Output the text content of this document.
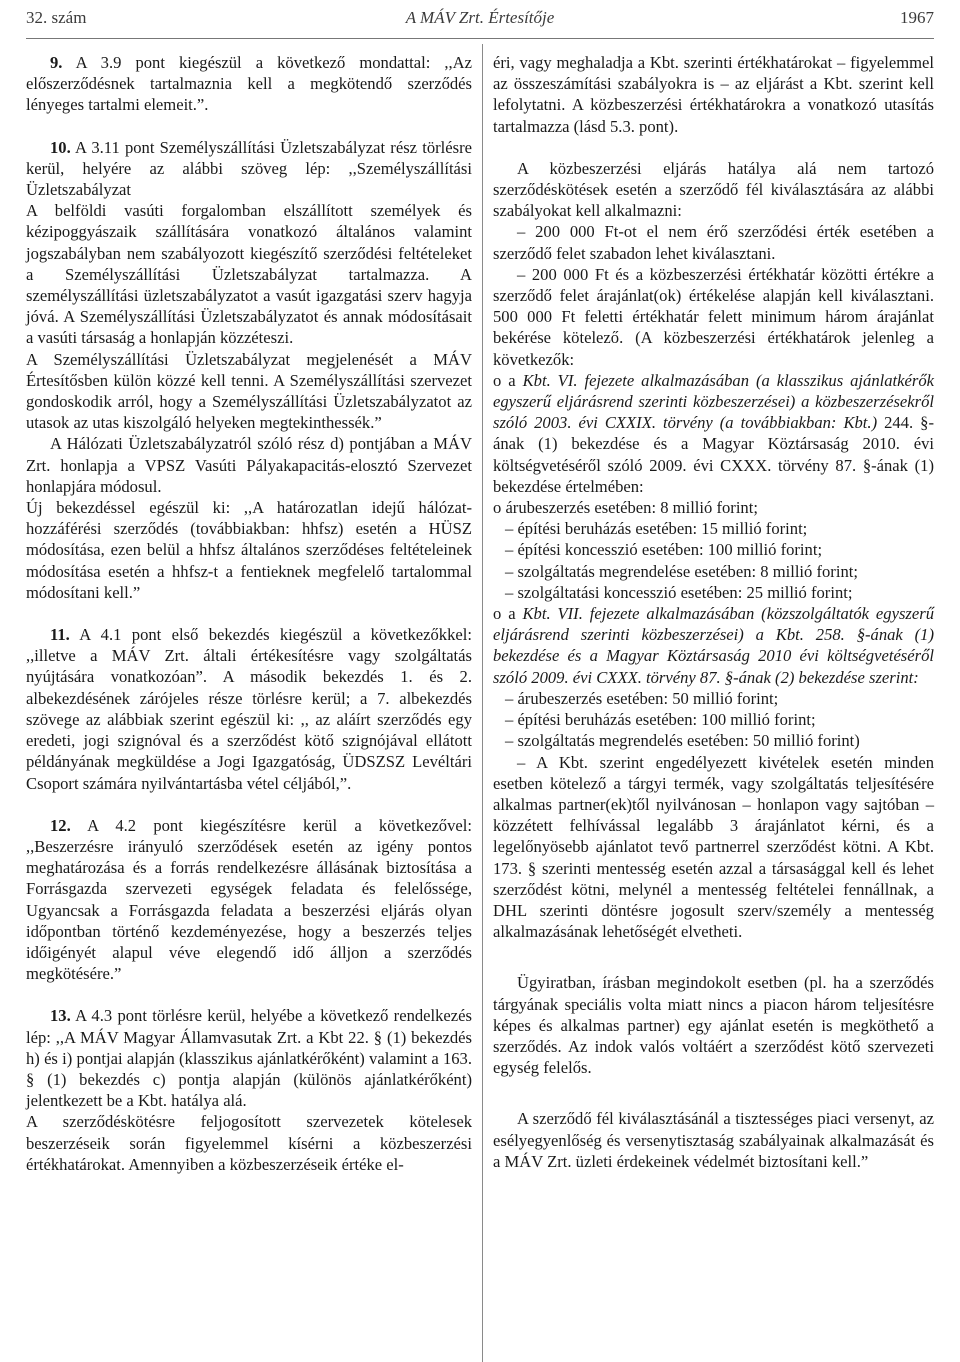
32. szám	A MÁV Zrt. Értesítője	1967

9. A 3.9 pont kiegészül a következő mondattal: ,,Az előszerződésnek tartalmaznia kell a megkötendő szerződés lényeges tartalmi elemeit.”.

10. A 3.11 pont Személyszállítási Üzletszabályzat rész törlésre kerül, helyére az alábbi szöveg lép: ,,Személyszállítási Üzletszabályzat

A belföldi vasúti forgalomban elszállított személyek és kézipoggyászaik szállítására vonatkozó általános valamint jogszabályban nem szabályozott kiegészítő szerződési feltételeket a Személyszállítási Üzletszabályzat tartalmazza. A személyszállítási üzletszabályzatot a vasút igazgatási szerv hagyja jóvá. A Személyszállítási Üzletszabályzatot és annak módosításait a vasúti társaság a honlapján közzéteszi.

A Személyszállítási Üzletszabályzat megjelenését a MÁV Értesítősben külön közzé kell tenni. A Személyszállítási szervezet gondoskodik arról, hogy a Személyszállítási Üzletszabályzatot az utasok az utas kiszolgáló helyeken megtekinthessék.”

A Hálózati Üzletszabályzatról szóló rész d) pontjában a MÁV Zrt. honlapja a VPSZ Vasúti Pályakapacitás-elosztó Szervezet honlapjára módosul.

Új bekezdéssel egészül ki: ,,A határozatlan idejű hálózat-hozzáférési szerződés (továbbiakban: hhfsz) esetén a HÜSZ módosítása, ezen belül a hhfsz általános szerződéses feltételeinek módosítása esetén a hhfsz-t a fentieknek megfelelő tartalommal módosítani kell.”

11. A 4.1 pont első bekezdés kiegészül a következőkkel: ,,illetve a MÁV Zrt. általi értékesítésre vagy szolgáltatás nyújtására vonatkozóan”. A második bekezdés 1. és 2. albekezdésének zárójeles része törlésre kerül; a 7. albekezdés szövege az alábbiak szerint egészül ki: ,, az aláírt szerződés egy eredeti, jogi szignóval és a szerződést kötő szignójával ellátott példányának megküldése a Jogi Igazgatóság, ÜDSZSZ Levéltári Csoport számára nyilvántartásba vétel céljából,”.

12. A 4.2 pont kiegészítésre kerül a következővel: ,,Beszerzésre irányuló szerződések esetén az igény pontos meghatározása és a forrás rendelkezésre állásának biztosítása a Forrásgazda szervezeti egységek feladata és felelőssége, Ugyancsak a Forrásgazda feladata a beszerzési eljárás olyan időpontban történő kezdeményezése, hogy a beszerzés teljes időigényét alapul véve elegendő idő álljon a szerződés megkötésére.”

13. A 4.3 pont törlésre kerül, helyébe a következő rendelkezés lép: ,,A MÁV Magyar Államvasutak Zrt. a Kbt 22. § (1) bekezdés h) és i) pontjai alapján (klasszikus ajánlatkérőként) valamint a 163. § (1) bekezdés c) pontja alapján (különös ajánlatkérőként) jelentkezett be a Kbt. hatálya alá.

A szerződéskötésre feljogosított szervezetek kötelesek beszerzéseik során figyelemmel kísérni a közbeszerzési értékhatárokat. Amennyiben a közbeszerzéseik értéke el-

éri, vagy meghaladja a Kbt. szerinti értékhatárokat – figyelemmel az összeszámítási szabályokra is – az eljárást a Kbt. szerint kell lefolytatni. A közbeszerzési értékhatárokra a vonatkozó utasítás tartalmazza (lásd 5.3. pont).

A közbeszerzési eljárás hatálya alá nem tartozó szerződéskötések esetén a szerződő fél kiválasztására az alábbi szabályokat kell alkalmazni:

– 200 000 Ft-ot el nem érő szerződési érték esetében a szerződő felet szabadon lehet kiválasztani.

– 200 000 Ft és a közbeszerzési értékhatár közötti értékre a szerződő felet árajánlat(ok) értékelése alapján kell kiválasztani. 500 000 Ft feletti értékhatár felett minimum három árajánlat bekérése kötelező. (A közbeszerzési értékhatárok jelenleg a következők:

o a Kbt. VI. fejezete alkalmazásában (a klasszikus ajánlatkérők egyszerű eljárásrend szerinti közbeszerzései) a közbeszerzésekről szóló 2003. évi CXXIX. törvény (a továbbiakban: Kbt.) 244. §-ának (1) bekezdése és a Magyar Köztársaság 2010. évi költségvetéséről szóló 2009. évi CXXX. törvény 87. §-ának (1) bekezdése értelmében:

o árubeszerzés esetében: 8 millió forint;

– építési beruházás esetében: 15 millió forint;

– építési koncesszió esetében: 100 millió forint;

– szolgáltatás megrendelése esetében: 8 millió forint;

– szolgáltatási koncesszió esetében: 25 millió forint;

o a Kbt. VII. fejezete alkalmazásában (közszolgáltatók egyszerű eljárásrend szerinti közbeszerzései) a Kbt. 258. §-ának (1) bekezdése és a Magyar Köztársaság 2010 évi költségvetéséről szóló 2009. évi CXXX. törvény 87. §-ának (2) bekezdése szerint:

– árubeszerzés esetében: 50 millió forint;

– építési beruházás esetében: 100 millió forint;

– szolgáltatás megrendelés esetében: 50 millió forint)

– A Kbt. szerint engedélyezett kivételek esetén minden esetben kötelező a tárgyi termék, vagy szolgáltatás teljesítésére alkalmas partner(ek)től nyilvánosan – honlapon vagy sajtóban – közzétett felhívással legalább 3 árajánlatot kérni, és a legelőnyösebb ajánlatot tevő partnerrel szerződést kötni. A Kbt. 173. § szerinti mentesség esetén azzal a társasággal kell és lehet szerződést kötni, melynél a mentesség feltételei fennállnak, a DHL szerinti döntésre jogosult szerv/személy a mentesség alkalmazásának lehetőségét elvetheti.

Ügyiratban, írásban megindokolt esetben (pl. ha a szerződés tárgyának speciális volta miatt nincs a piacon három teljesítésre képes és alkalmas partner) egy ajánlat esetén is megköthető a szerződés. Az indok valós voltáért a szerződést kötő szervezeti egység felelős.

A szerződő fél kiválasztásánál a tisztességes piaci versenyt, az esélyegyenlőség és versenytisztaság szabályainak alkalmazását és a MÁV Zrt. üzleti érdekeinek védelmét biztosítani kell.”
